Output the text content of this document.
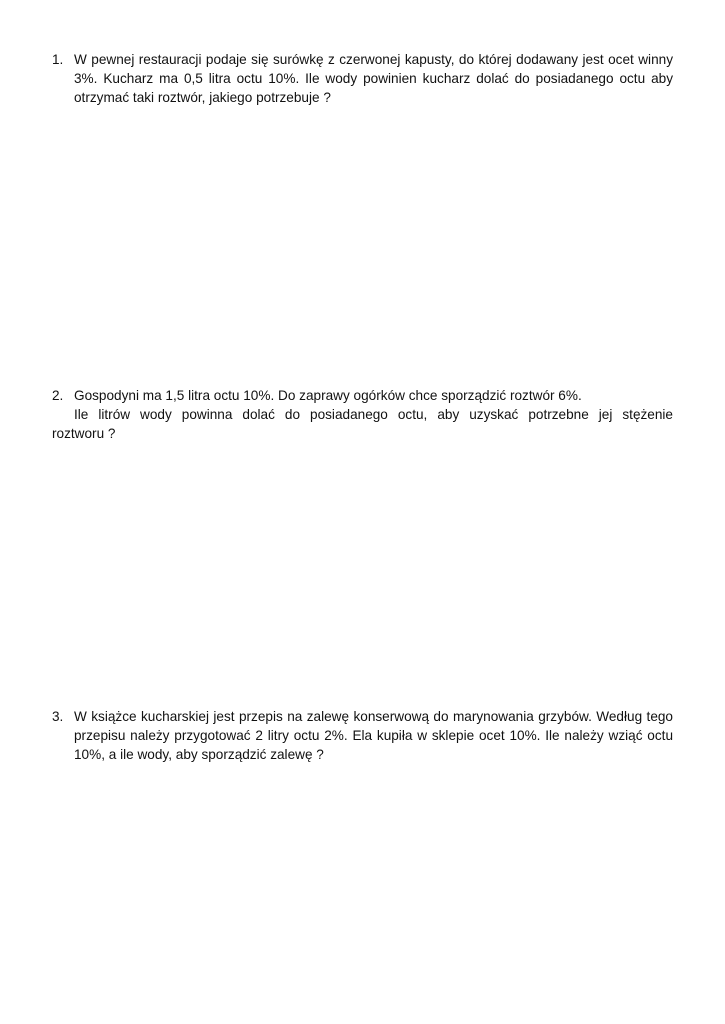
1. W pewnej restauracji podaje się surówkę z czerwonej kapusty, do której dodawany jest ocet winny 3%. Kucharz ma 0,5 litra octu 10%. Ile wody powinien kucharz dolać do posiadanego octu aby otrzymać taki roztwór, jakiego potrzebuje ?
2. Gospodyni ma 1,5 litra octu 10%. Do zaprawy ogórków chce sporządzić roztwór 6%.
Ile litrów wody powinna dolać do posiadanego octu, aby uzyskać potrzebne jej stężenie
roztworu ?
3. W książce kucharskiej jest przepis na zalewę konserwową do marynowania grzybów. Według tego przepisu należy przygotować 2 litry octu 2%. Ela kupiła w sklepie ocet 10%. Ile należy wziąć octu 10%, a ile wody, aby sporządzić zalewę ?
